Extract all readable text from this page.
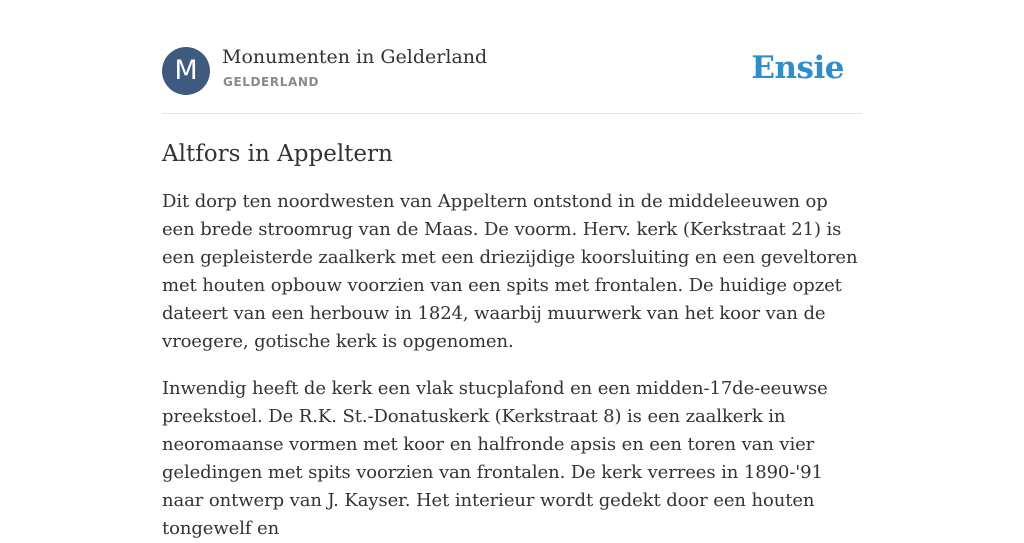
M	Monumenten in Gelderland
GELDERLAND	Ensie
Altfors in Appeltern

Dit dorp ten noordwesten van Appeltern ontstond in de middeleeuwen op een brede stroomrug van de Maas. De voorm. Herv. kerk (Kerkstraat 21) is een gepleisterde zaalkerk met een driezijdige koorsluiting en een geveltoren met houten opbouw voorzien van een spits met frontalen. De huidige opzet dateert van een herbouw in 1824, waarbij muurwerk van het koor van de vroegere, gotische kerk is opgenomen.

Inwendig heeft de kerk een vlak stucplafond en een midden-17de-eeuwse preekstoel. De R.K. St.-Donatuskerk (Kerkstraat 8) is een zaalkerk in neoromaanse vormen met koor en halfronde apsis en een toren van vier geledingen met spits voorzien van frontalen. De kerk verrees in 1890-'91 naar ontwerp van J. Kayser. Het interieur wordt gedekt door een houten tongewelf en
